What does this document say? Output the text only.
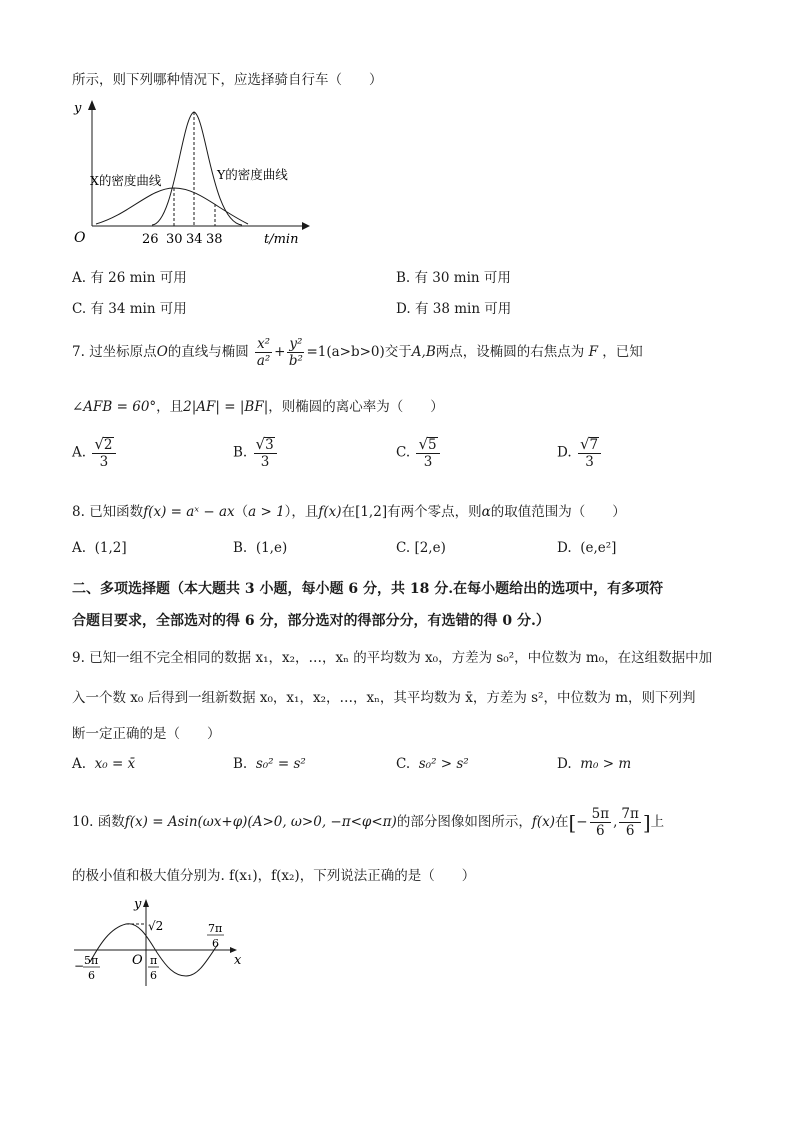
所示，则下列哪种情况下，应选择骑自行车（　　）
y
O	26 30 34 38	t/min
X的密度曲线	Y的密度曲线
A. 有 26 min 可用	B. 有 30 min 可用
C. 有 34 min 可用	D. 有 38 min 可用
7. 过坐标原点O的直线与椭圆 $\frac{\text{x²}}{\text{a²}} + \frac{\text{y²}}{\text{b²}} =1(a>b>0)$交于A,B两点，设椭圆的右焦点为 F ，已知
∠AFB = 60°，且2|AF| = |BF|，则椭圆的离心率为（　　）
A. $\frac{√2}{3}$	B. $\frac{√3}{3}$	C. $\frac{√5}{3}$	D. $\frac{√7}{3}$
8. 已知函数f(x) = aˣ − ax（a > 1），且f(x)在[1,2]有两个零点，则α的取值范围为（　　）
A. (1,2]	B. (1,e)	C. [2,e)	D. (e,e²]
二、多项选择题（本大题共 3 小题，每小题 6 分，共 18 分.在每小题给出的选项中，有多项符
合题目要求，全部选对的得 6 分，部分选对的得部分分，有选错的得 0 分.）
9. 已知一组不完全相同的数据 x₁，x₂，…，xₙ 的平均数为 x₀，方差为 s₀²，中位数为 m₀，在这组数据中加
入一个数 x₀ 后得到一组新数据 x₀，x₁，x₂，…，xₙ，其平均数为 x̄，方差为 s²，中位数为 m，则下列判
断一定正确的是（　　）
A. x₀ = x̄	B. s₀² = s²	C. s₀² > s²	D. m₀ > m
10. 函数f(x) = Asin(ωx+φ)(A>0, ω>0, −π<φ<π)的部分图像如图所示，f(x)在[− $\frac{5\pi}{6}$ , $\frac{7\pi}{6}$ ]上
的极小值和极大值分别为. f(x₁)，f(x₂)，下列说法正确的是（　　）
y
x
O
√2
− 5π
6
π
6
7π
6
